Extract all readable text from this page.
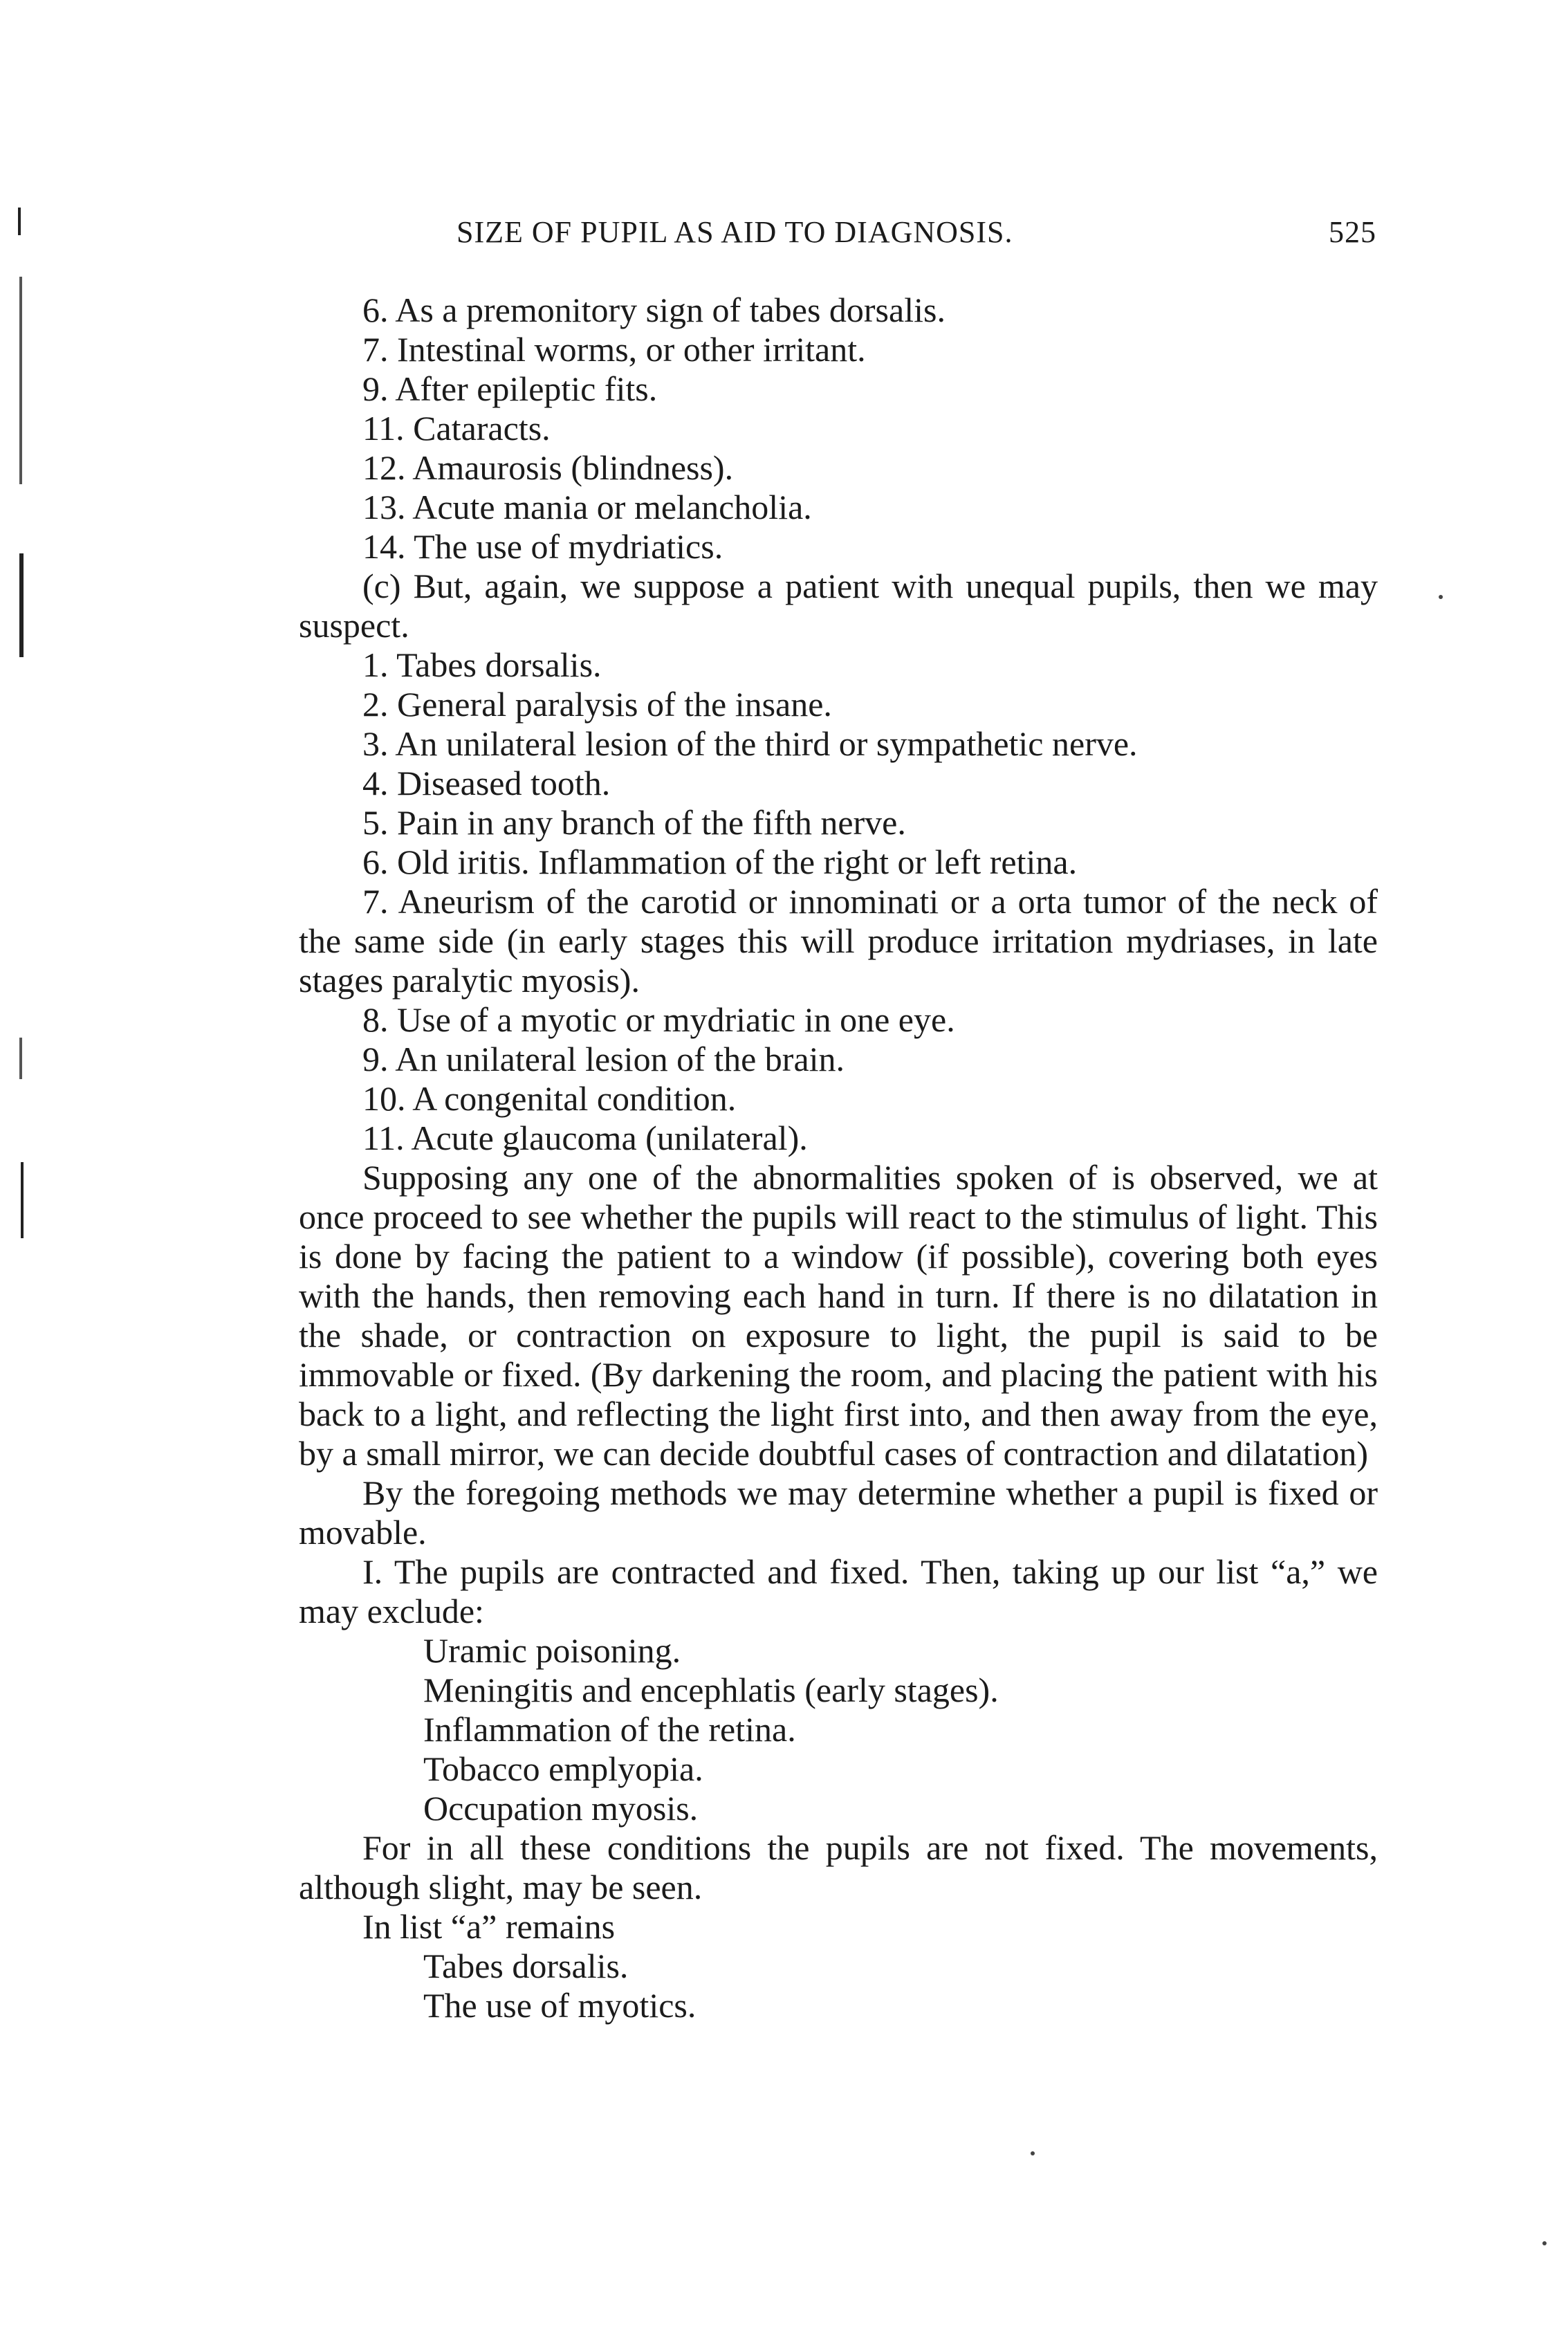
SIZE OF PUPIL AS AID TO DIAGNOSIS.	525

6. As a premonitory sign of tabes dorsalis.

7. Intestinal worms, or other irritant.

9. After epileptic fits.

11. Cataracts.

12. Amaurosis (blindness).

13. Acute mania or melancholia.

14. The use of mydriatics.

(c) But, again, we suppose a patient with unequal pupils, then we may suspect.

1. Tabes dorsalis.

2. General paralysis of the insane.

3. An unilateral lesion of the third or sympathetic nerve.

4. Diseased tooth.

5. Pain in any branch of the fifth nerve.

6. Old iritis. Inflammation of the right or left retina.

7. Aneurism of the carotid or innominati or a orta tumor of the neck of the same side (in early stages this will produce irritation mydriases, in late stages paralytic myosis).

8. Use of a myotic or mydriatic in one eye.

9. An unilateral lesion of the brain.

10. A congenital condition.

11. Acute glaucoma (unilateral).

Supposing any one of the abnormalities spoken of is observed, we at once proceed to see whether the pupils will react to the stimulus of light. This is done by facing the patient to a window (if possible), covering both eyes with the hands, then removing each hand in turn. If there is no dilatation in the shade, or contraction on exposure to light, the pupil is said to be immovable or fixed. (By darkening the room, and placing the patient with his back to a light, and reflecting the light first into, and then away from the eye, by a small mirror, we can decide doubtful cases of contraction and dilatation)

By the foregoing methods we may determine whether a pupil is fixed or movable.

I. The pupils are contracted and fixed. Then, taking up our list “a,” we may exclude:

Uramic poisoning.

Meningitis and encephlatis (early stages).

Inflammation of the retina.

Tobacco emplyopia.

Occupation myosis.

For in all these conditions the pupils are not fixed. The movements, although slight, may be seen.

In list “a” remains

Tabes dorsalis.

The use of myotics.
